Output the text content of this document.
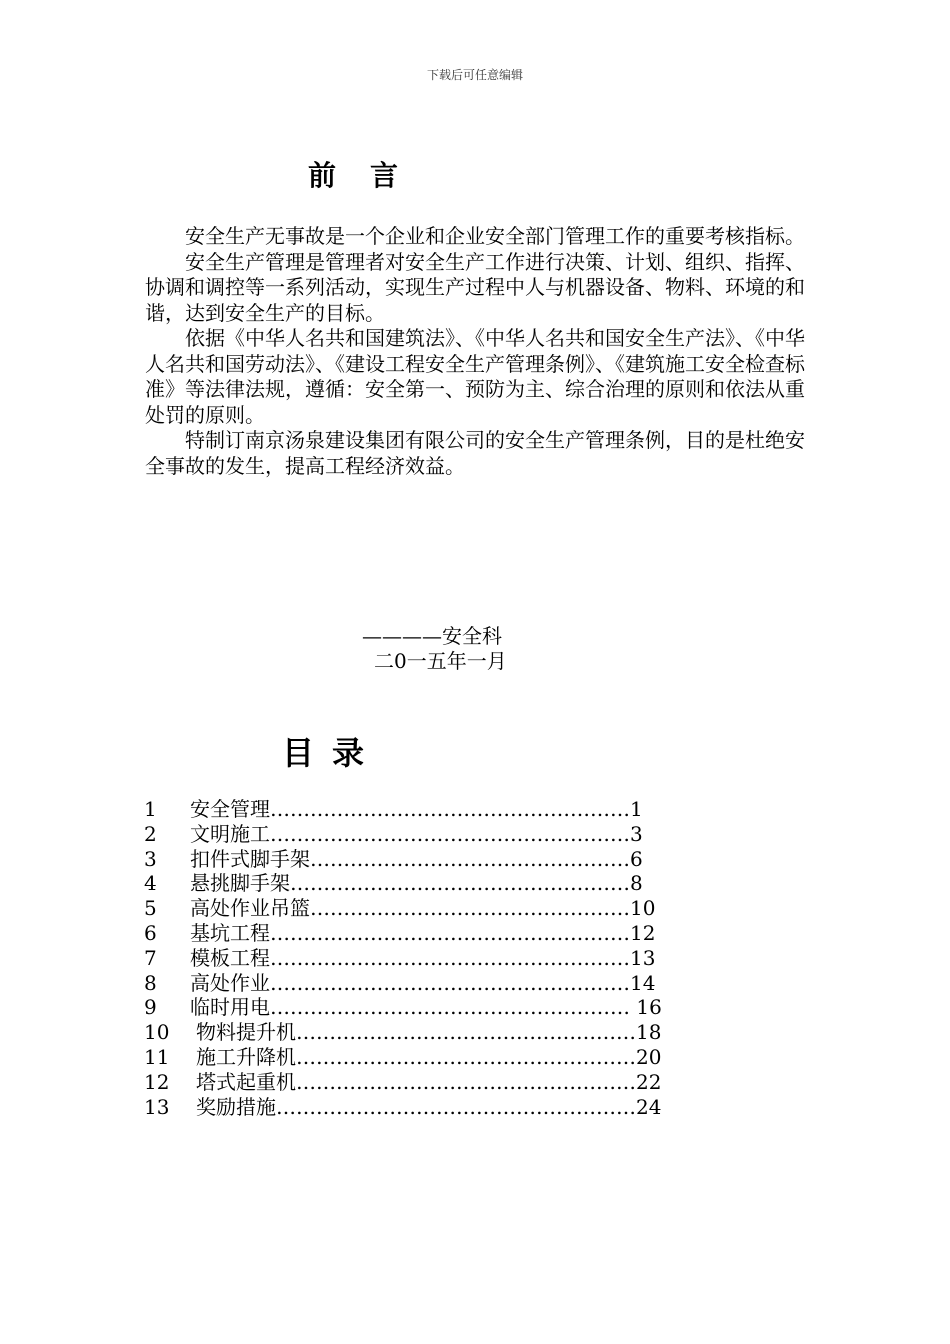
下载后可任意编辑
前言

安全生产无事故是一个企业和企业安全部门管理工作的重要考核指标。

安全生产管理是管理者对安全生产工作进行决策、计划、组织、指挥、协调和调控等一系列活动，实现生产过程中人与机器设备、物料、环境的和谐，达到安全生产的目标。

依据《中华人名共和国建筑法》、《中华人名共和国安全生产法》、《中华人名共和国劳动法》、《建设工程安全生产管理条例》、《建筑施工安全检查标准》等法律法规，遵循：安全第一、预防为主、综合治理的原则和依法从重处罚的原则。

特制订南京汤泉建设集团有限公司的安全生产管理条例，目的是杜绝安全事故的发生，提高工程经济效益。

————安全科
二0一五年一月
目录
1 安全管理………………………………………………1
2 文明施工………………………………………………3
3 扣件式脚手架…………………………………………6
4 悬挑脚手架……………………………………………8
5 高处作业吊篮…………………………………………10
6 基坑工程………………………………………………12
7 模板工程………………………………………………13
8 高处作业………………………………………………14
9 临时用电……………………………………………… 16
10 物料提升机……………………………………………18
11 施工升降机……………………………………………20
12 塔式起重机……………………………………………22
13 奖励措施………………………………………………24
